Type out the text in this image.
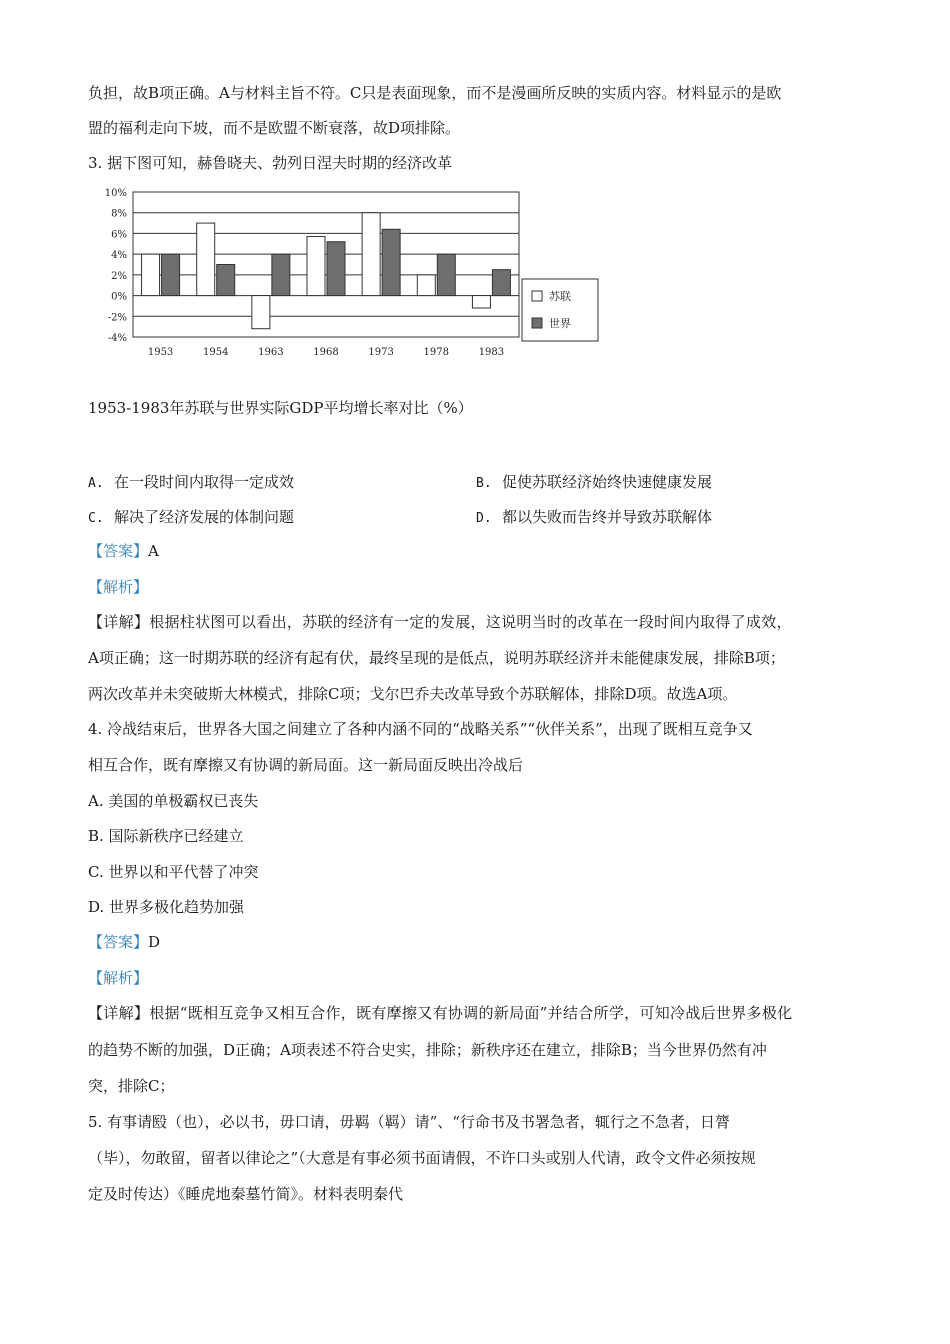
负担，故B项正确。A与材料主旨不符。C只是表面现象，而不是漫画所反映的实质内容。材料显示的是欧
盟的福利走向下坡，而不是欧盟不断衰落，故D项排除。
3. 据下图可知，赫鲁晓夫、勃列日涅夫时期的经济改革
10%
8%
6%
4%
2%
0%
-2%
-4%
1953	1954	1963	1968	1973	1978	1983
苏联
世界
1953-1983年苏联与世界实际GDP平均增长率对比（%）
A. 在一段时间内取得一定成效	B. 促使苏联经济始终快速健康发展
C. 解决了经济发展的体制问题	D. 都以失败而告终并导致苏联解体
【答案】A
【解析】
【详解】根据柱状图可以看出，苏联的经济有一定的发展，这说明当时的改革在一段时间内取得了成效，
A项正确；这一时期苏联的经济有起有伏，最终呈现的是低点，说明苏联经济并未能健康发展，排除B项；
两次改革并未突破斯大林模式，排除C项；戈尔巴乔夫改革导致个苏联解体，排除D项。故选A项。
4. 冷战结束后，世界各大国之间建立了各种内涵不同的“战略关系”“伙伴关系”，出现了既相互竞争又
相互合作，既有摩擦又有协调的新局面。这一新局面反映出冷战后
A. 美国的单极霸权已丧失
B. 国际新秩序已经建立
C. 世界以和平代替了冲突
D. 世界多极化趋势加强
【答案】D
【解析】
【详解】根据“既相互竞争又相互合作，既有摩擦又有协调的新局面”并结合所学，可知冷战后世界多极化
的趋势不断的加强，D正确；A项表述不符合史实，排除；新秩序还在建立，排除B；当今世界仍然有冲
突，排除C；
5. 有事请殹（也），必以书，毋口请，毋羁（羁）请”、“行命书及书署急者，辄行之不急者，日膂
（毕），勿敢留，留者以律论之”（大意是有事必须书面请假，不许口头或别人代请，政令文件必须按规
定及时传达）《睡虎地秦墓竹简》。材料表明秦代
